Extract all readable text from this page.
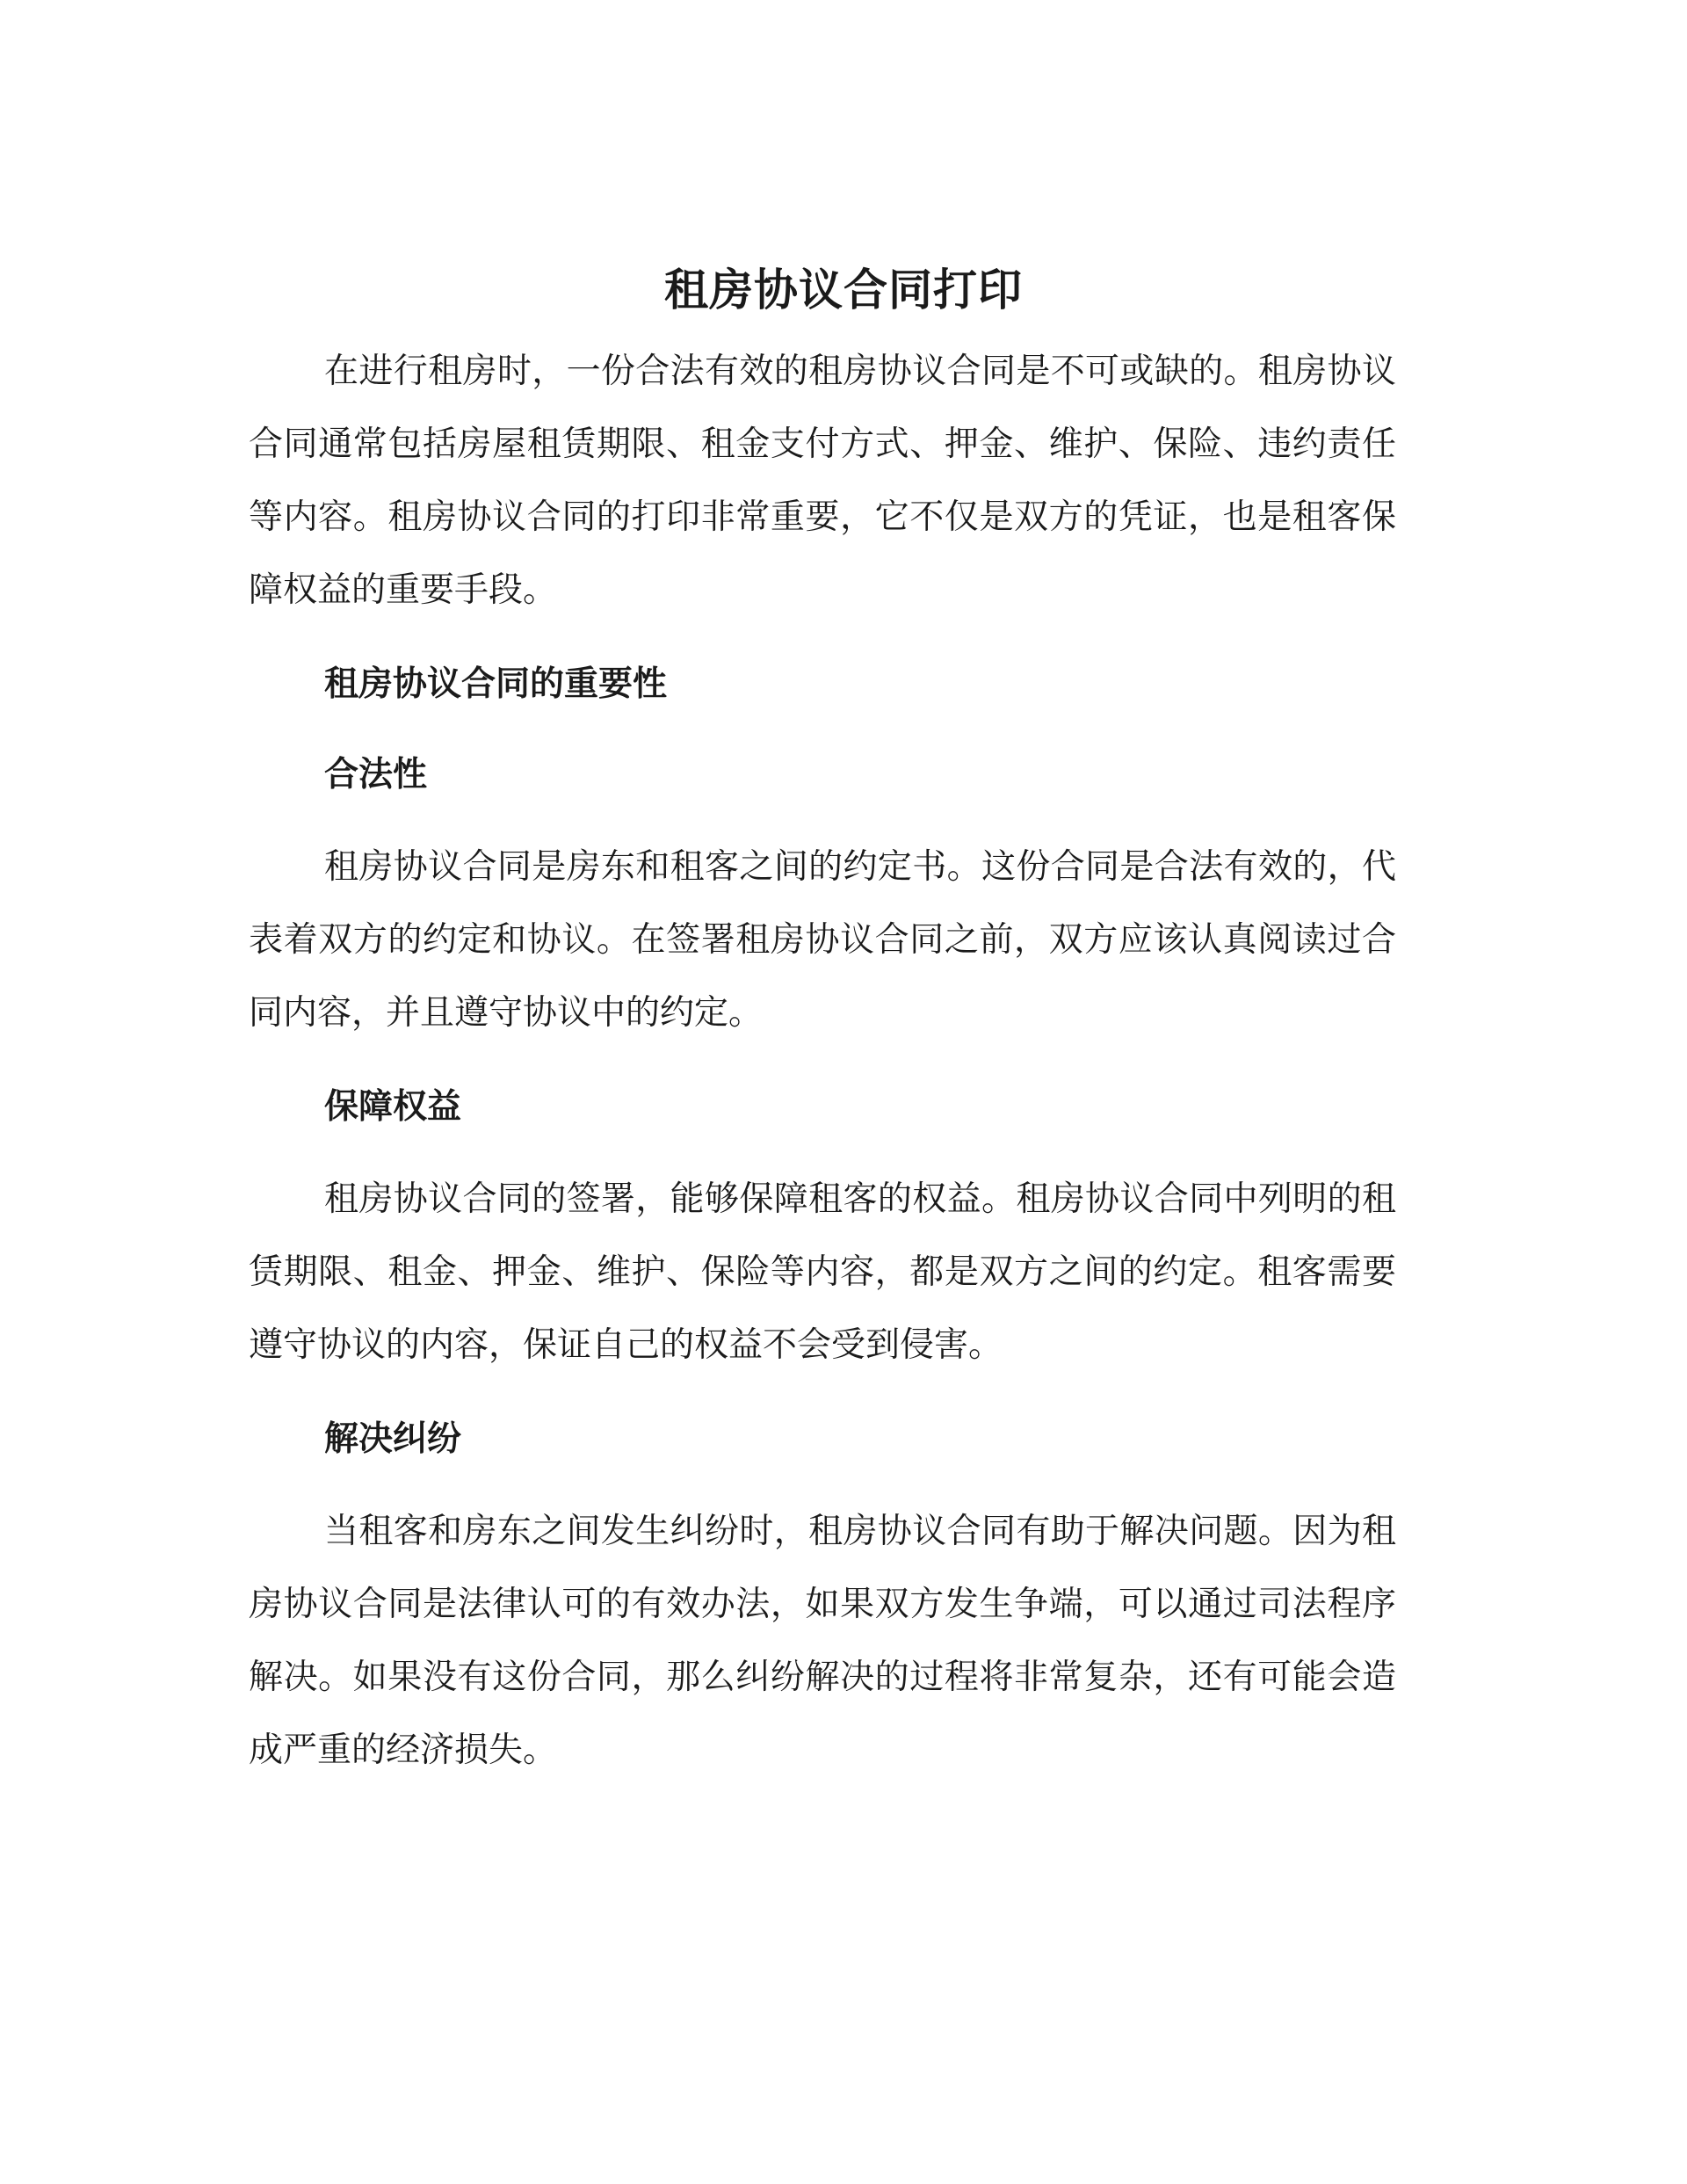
租房协议合同打印

在进行租房时，一份合法有效的租房协议合同是不可或缺的。租房协议合同通常包括房屋租赁期限、租金支付方式、押金、维护、保险、违约责任等内容。租房协议合同的打印非常重要，它不仅是双方的凭证，也是租客保障权益的重要手段。

租房协议合同的重要性
合法性

租房协议合同是房东和租客之间的约定书。这份合同是合法有效的，代表着双方的约定和协议。在签署租房协议合同之前，双方应该认真阅读过合同内容，并且遵守协议中的约定。

保障权益

租房协议合同的签署，能够保障租客的权益。租房协议合同中列明的租赁期限、租金、押金、维护、保险等内容，都是双方之间的约定。租客需要遵守协议的内容，保证自己的权益不会受到侵害。

解决纠纷

当租客和房东之间发生纠纷时，租房协议合同有助于解决问题。因为租房协议合同是法律认可的有效办法，如果双方发生争端，可以通过司法程序解决。如果没有这份合同，那么纠纷解决的过程将非常复杂，还有可能会造成严重的经济损失。
